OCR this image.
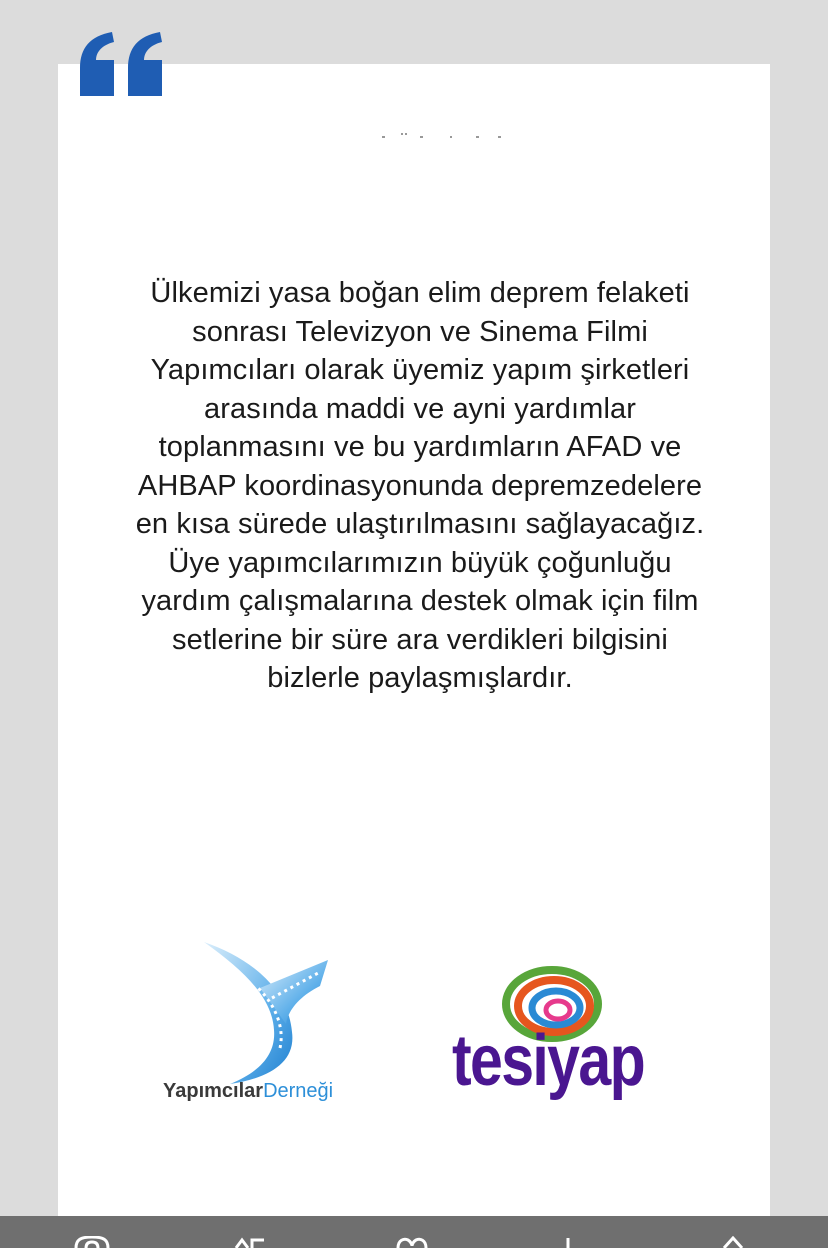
Ülkemizi yasa boğan elim deprem felaketi sonrası Televizyon ve Sinema Filmi Yapımcıları olarak üyemiz yapım şirketleri arasında maddi ve ayni yardımlar toplanmasını ve bu yardımların AFAD ve AHBAP koordinasyonunda depremzedelere en kısa sürede ulaştırılmasını sağlayacağız. Üye yapımcılarımızın büyük çoğunluğu yardım çalışmalarına destek olmak için film setlerine bir süre ara verdikleri bilgisini bizlerle paylaşmışlardır.

YapımcılarDerneği tesiyap
